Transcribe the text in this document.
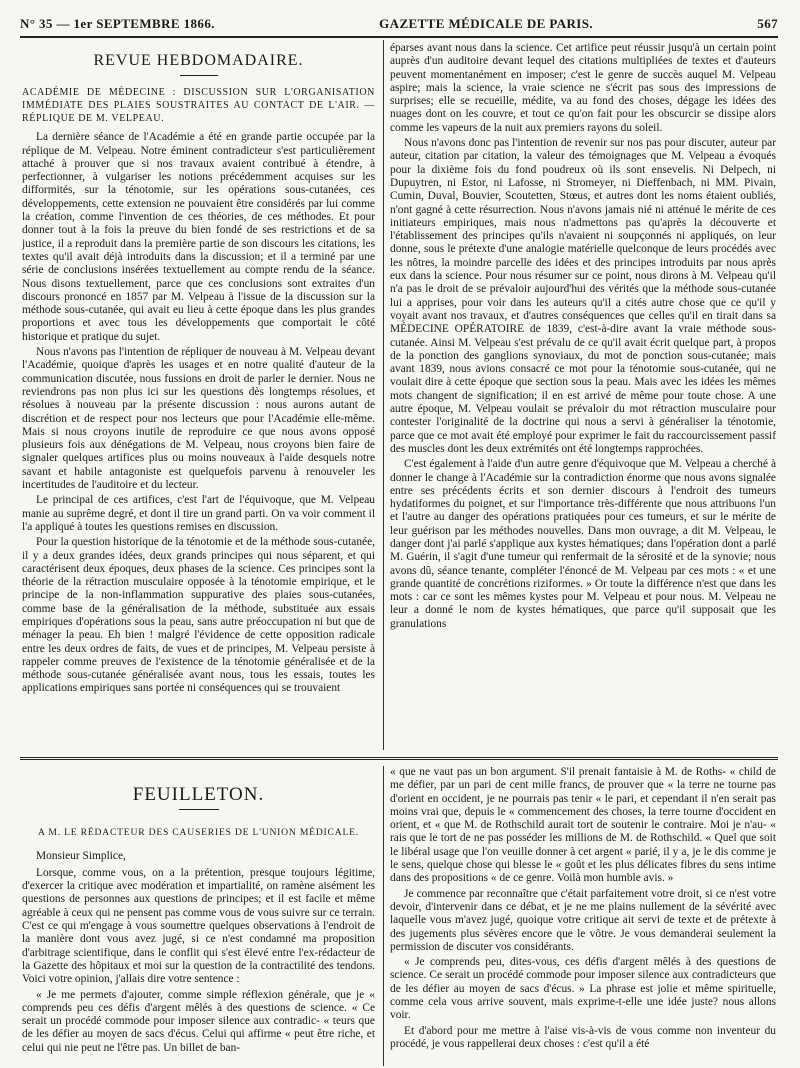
N° 35 — 1er SEPTEMBRE 1866.	GAZETTE MÉDICALE DE PARIS.	567
REVUE HEBDOMADAIRE.

ACADÉMIE DE MÉDECINE : DISCUSSION SUR L'ORGANISATION IMMÉDIATE DES PLAIES SOUSTRAITES AU CONTACT DE L'AIR. — RÉPLIQUE DE M. VELPEAU.

La dernière séance de l'Académie a été en grande partie occupée par la réplique de M. Velpeau. Notre éminent contradicteur s'est particulièrement attaché à prouver que si nos travaux avaient contribué à étendre, à perfectionner, à vulgariser les notions précédemment acquises sur les difformités, sur la ténotomie, sur les opérations sous-cutanées, ces développements, cette extension ne pouvaient être considérés par lui comme la création, comme l'invention de ces théories, de ces méthodes. Et pour donner tout à la fois la preuve du bien fondé de ses restrictions et de sa justice, il a reproduit dans la première partie de son discours les citations, les textes qu'il avait déjà introduits dans la discussion; et il a terminé par une série de conclusions insérées textuellement au compte rendu de la séance. Nous disons textuellement, parce que ces conclusions sont extraites d'un discours prononcé en 1857 par M. Velpeau à l'issue de la discussion sur la méthode sous-cutanée, qui avait eu lieu à cette époque dans les plus grandes proportions et avec tous les développements que comportait le côté historique et pratique du sujet.

Nous n'avons pas l'intention de répliquer de nouveau à M. Velpeau devant l'Académie, quoique d'après les usages et en notre qualité d'auteur de la communication discutée, nous fussions en droit de parler le dernier. Nous ne reviendrons pas non plus ici sur les questions dès longtemps résolues, et résolues à nouveau par la présente discussion : nous aurons autant de discrétion et de respect pour nos lecteurs que pour l'Académie elle-même. Mais si nous croyons inutile de reproduire ce que nous avons opposé plusieurs fois aux dénégations de M. Velpeau, nous croyons bien faire de signaler quelques artifices plus ou moins nouveaux à l'aide desquels notre savant et habile antagoniste est quelquefois parvenu à renouveler les incertitudes de l'auditoire et du lecteur.

Le principal de ces artifices, c'est l'art de l'équivoque, que M. Velpeau manie au suprême degré, et dont il tire un grand parti. On va voir comment il l'a appliqué à toutes les questions remises en discussion.

Pour la question historique de la ténotomie et de la méthode sous-cutanée, il y a deux grandes idées, deux grands principes qui nous séparent, et qui caractérisent deux époques, deux phases de la science. Ces principes sont la théorie de la rétraction musculaire opposée à la ténotomie empirique, et le principe de la non-inflammation suppurative des plaies sous-cutanées, comme base de la généralisation de la méthode, substituée aux essais empiriques d'opérations sous la peau, sans autre préoccupation ni but que de ménager la peau. Eh bien ! malgré l'évidence de cette opposition radicale entre les deux ordres de faits, de vues et de principes, M. Velpeau persiste à rappeler comme preuves de l'existence de la ténotomie généralisée et de la méthode sous-cutanée généralisée avant nous, tous les essais, toutes les applications empiriques sans portée ni conséquences qui se trouvaient

éparses avant nous dans la science. Cet artifice peut réussir jusqu'à un certain point auprès d'un auditoire devant lequel des citations multipliées de textes et d'auteurs peuvent momentanément en imposer; c'est le genre de succès auquel M. Velpeau aspire; mais la science, la vraie science ne s'écrit pas sous des impressions de surprises; elle se recueille, médite, va au fond des choses, dégage les idées des nuages dont on les couvre, et tout ce qu'on fait pour les obscurcir se dissipe alors comme les vapeurs de la nuit aux premiers rayons du soleil.

Nous n'avons donc pas l'intention de revenir sur nos pas pour discuter, auteur par auteur, citation par citation, la valeur des témoignages que M. Velpeau a évoqués pour la dixième fois du fond poudreux où ils sont ensevelis. Ni Delpech, ni Dupuytren, ni Estor, ni Lafosse, ni Stromeyer, ni Dieffenbach, ni MM. Pivain, Cumin, Duval, Bouvier, Scoutetten, Stœus, et autres dont les noms étaient oubliés, n'ont gagné à cette résurrection. Nous n'avons jamais nié ni atténué le mérite de ces initiateurs empiriques, mais nous n'admettons pas qu'après la découverte et l'établissement des principes qu'ils n'avaient ni soupçonnés ni appliqués, on leur donne, sous le prétexte d'une analogie matérielle quelconque de leurs procédés avec les nôtres, la moindre parcelle des idées et des principes introduits par nous après eux dans la science. Pour nous résumer sur ce point, nous dirons à M. Velpeau qu'il n'a pas le droit de se prévaloir aujourd'hui des vérités que la méthode sous-cutanée lui a apprises, pour voir dans les auteurs qu'il a cités autre chose que ce qu'il y voyait avant nos travaux, et d'autres conséquences que celles qu'il en tirait dans sa MÉDECINE OPÉRATOIRE de 1839, c'est-à-dire avant la vraie méthode sous-cutanée. Ainsi M. Velpeau s'est prévalu de ce qu'il avait écrit quelque part, à propos de la ponction des ganglions synoviaux, du mot de ponction sous-cutanée; mais avant 1839, nous avions consacré ce mot pour la ténotomie sous-cutanée, qui ne voulait dire à cette époque que section sous la peau. Mais avec les idées les mêmes mots changent de signification; il en est arrivé de même pour toute chose. A une autre époque, M. Velpeau voulait se prévaloir du mot rétraction musculaire pour contester l'originalité de la doctrine qui nous a servi à généraliser la ténotomie, parce que ce mot avait été employé pour exprimer le fait du raccourcissement passif des muscles dont les deux extrémités ont été longtemps rapprochées.

C'est également à l'aide d'un autre genre d'équivoque que M. Velpeau a cherché à donner le change à l'Académie sur la contradiction énorme que nous avons signalée entre ses précédents écrits et son dernier discours à l'endroit des tumeurs hydatiformes du poignet, et sur l'importance très-différente que nous attribuons l'un et l'autre au danger des opérations pratiquées pour ces tumeurs, et sur le mérite de leur guérison par les méthodes nouvelles. Dans mon ouvrage, a dit M. Velpeau, le danger dont j'ai parlé s'applique aux kystes hématiques; dans l'opération dont a parlé M. Guérin, il s'agit d'une tumeur qui renfermait de la sérosité et de la synovie; nous avons dû, séance tenante, compléter l'énoncé de M. Velpeau par ces mots : « et une grande quantité de concrétions riziformes. » Or toute la différence n'est que dans les mots : car ce sont les mêmes kystes pour M. Velpeau et pour nous. M. Velpeau ne leur a donné le nom de kystes hématiques, que parce qu'il supposait que les granulations

FEUILLETON.

A M. LE RÉDACTEUR DES CAUSERIES DE L'UNION MÉDICALE.

Monsieur Simplice,

Lorsque, comme vous, on a la prétention, presque toujours légitime, d'exercer la critique avec modération et impartialité, on ramène aisément les questions de personnes aux questions de principes; et il est facile et même agréable à ceux qui ne pensent pas comme vous de vous suivre sur ce terrain. C'est ce qui m'engage à vous soumettre quelques observations à l'endroit de la manière dont vous avez jugé, si ce n'est condamné ma proposition d'arbitrage scientifique, dans le conflit qui s'est élevé entre l'ex-rédacteur de la Gazette des hôpitaux et moi sur la question de la contractilité des tendons. Voici votre opinion, j'allais dire votre sentence :

« Je me permets d'ajouter, comme simple réflexion générale, que je « comprends peu ces défis d'argent mêlés à des questions de science. « Ce serait un procédé commode pour imposer silence aux contradic- « teurs que de les défier au moyen de sacs d'écus. Celui qui affirme « peut être riche, et celui qui nie peut ne l'être pas. Un billet de ban-

« que ne vaut pas un bon argument. S'il prenait fantaisie à M. de Roths- « child de me défier, par un pari de cent mille francs, de prouver que « la terre ne tourne pas d'orient en occident, je ne pourrais pas tenir « le pari, et cependant il n'en serait pas moins vrai que, depuis le « commencement des choses, la terre tourne d'occident en orient, et « que M. de Rothschild aurait tort de soutenir le contraire. Moi je n'au- « rais que le tort de ne pas posséder les millions de M. de Rothschild. « Quel que soit le libéral usage que l'on veuille donner à cet argent « parié, il y a, je le dis comme je le sens, quelque chose qui blesse le « goût et les plus délicates fibres du sens intime dans des propositions « de ce genre. Voilà mon humble avis. »

Je commence par reconnaître que c'était parfaitement votre droit, si ce n'est votre devoir, d'intervenir dans ce débat, et je ne me plains nullement de la sévérité avec laquelle vous m'avez jugé, quoique votre critique ait servi de texte et de prétexte à des jugements plus sévères encore que le vôtre. Je vous demanderai seulement la permission de discuter vos considérants.

« Je comprends peu, dites-vous, ces défis d'argent mêlés à des questions de science. Ce serait un procédé commode pour imposer silence aux contradicteurs que de les défier au moyen de sacs d'écus. » La phrase est jolie et même spirituelle, comme cela vous arrive souvent, mais exprime-t-elle une idée juste? nous allons voir.

Et d'abord pour me mettre à l'aise vis-à-vis de vous comme non inventeur du procédé, je vous rappellerai deux choses : c'est qu'il a été
